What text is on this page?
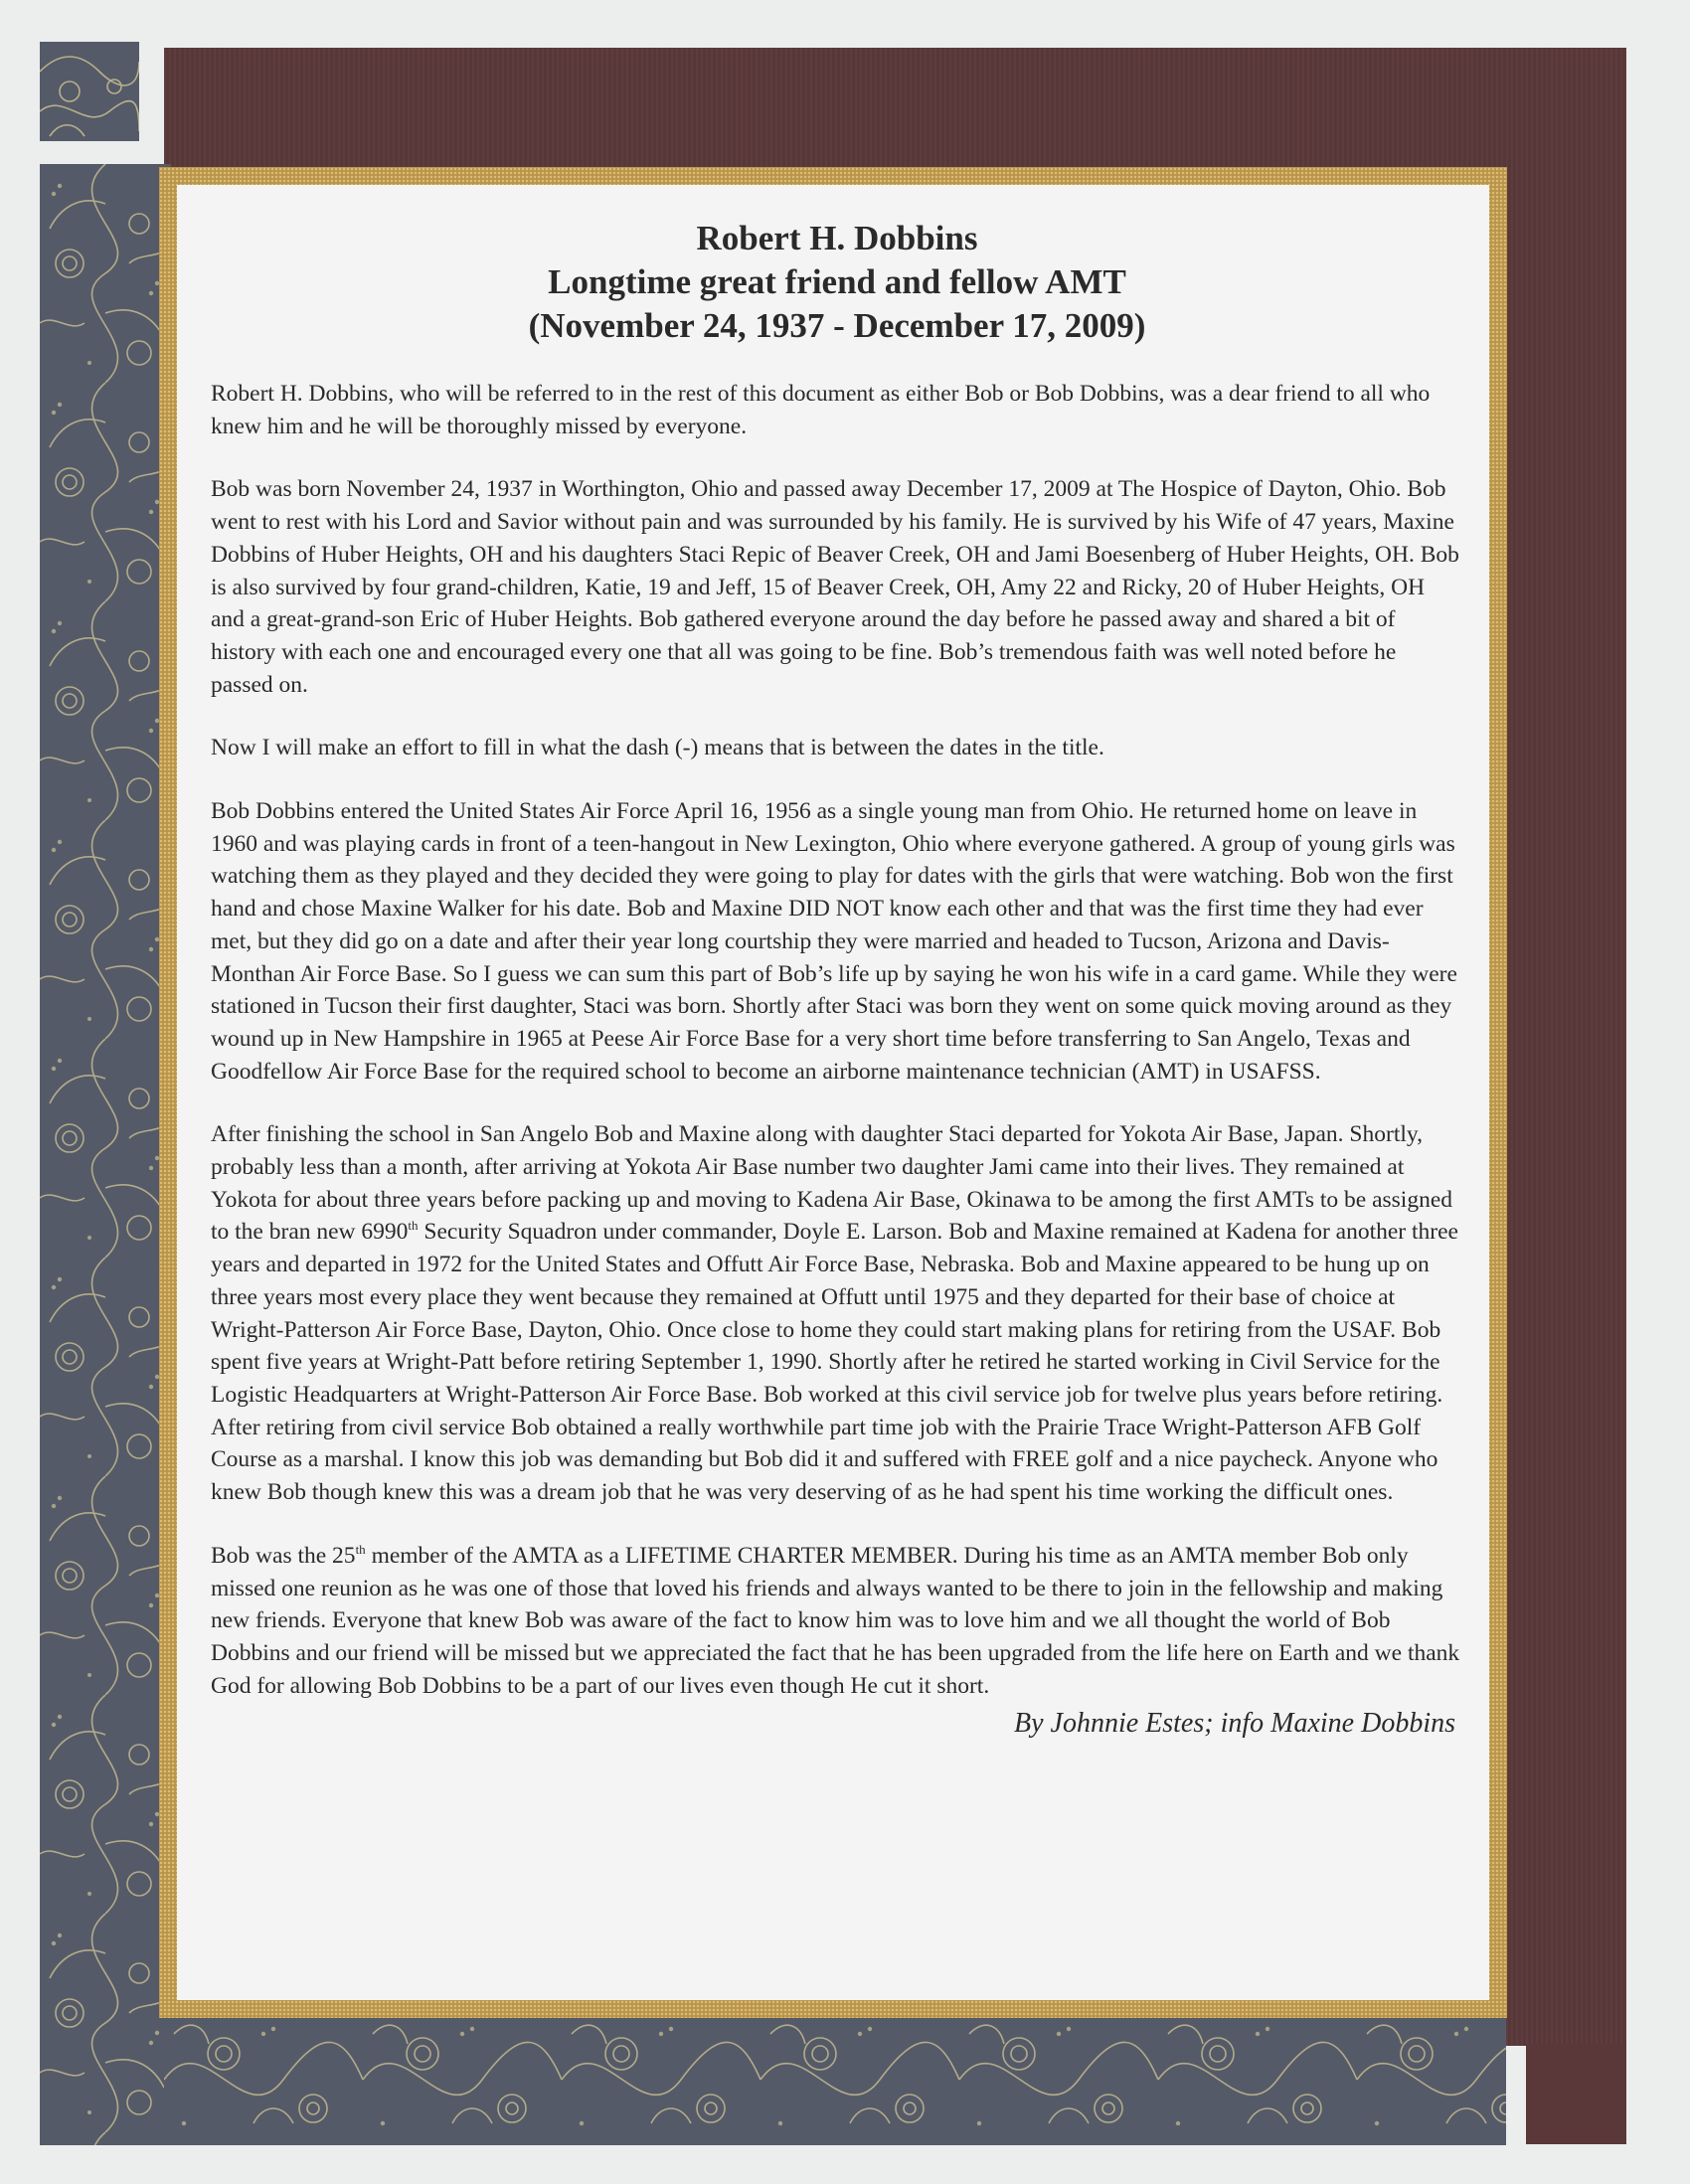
Robert H. Dobbins
Longtime great friend and fellow AMT
(November 24, 1937 - December 17, 2009)

Robert H. Dobbins, who will be referred to in the rest of this document as either Bob or Bob Dobbins, was a dear friend to all who knew him and he will be thoroughly missed by everyone.

Bob was born November 24, 1937 in Worthington, Ohio and passed away December 17, 2009 at The Hospice of Dayton, Ohio. Bob went to rest with his Lord and Savior without pain and was surrounded by his family. He is survived by his Wife of 47 years, Maxine Dobbins of Huber Heights, OH and his daughters Staci Repic of Beaver Creek, OH and Jami Boesenberg of Huber Heights, OH. Bob is also survived by four grand-children, Katie, 19 and Jeff, 15 of Beaver Creek, OH, Amy 22 and Ricky, 20 of Huber Heights, OH and a great-grand-son Eric of Huber Heights. Bob gathered everyone around the day before he passed away and shared a bit of history with each one and encouraged every one that all was going to be fine. Bob’s tremendous faith was well noted before he passed on.

Now I will make an effort to fill in what the dash (-) means that is between the dates in the title.

Bob Dobbins entered the United States Air Force April 16, 1956 as a single young man from Ohio. He returned home on leave in 1960 and was playing cards in front of a teen-hangout in New Lexington, Ohio where everyone gathered. A group of young girls was watching them as they played and they decided they were going to play for dates with the girls that were watching. Bob won the first hand and chose Maxine Walker for his date. Bob and Maxine DID NOT know each other and that was the first time they had ever met, but they did go on a date and after their year long courtship they were married and headed to Tucson, Arizona and Davis-Monthan Air Force Base. So I guess we can sum this part of Bob’s life up by saying he won his wife in a card game. While they were stationed in Tucson their first daughter, Staci was born. Shortly after Staci was born they went on some quick moving around as they wound up in New Hampshire in 1965 at Peese Air Force Base for a very short time before transferring to San Angelo, Texas and Goodfellow Air Force Base for the required school to become an airborne maintenance technician (AMT) in USAFSS.

After finishing the school in San Angelo Bob and Maxine along with daughter Staci departed for Yokota Air Base, Japan. Shortly, probably less than a month, after arriving at Yokota Air Base number two daughter Jami came into their lives. They remained at Yokota for about three years before packing up and moving to Kadena Air Base, Okinawa to be among the first AMTs to be assigned to the bran new 6990th Security Squadron under commander, Doyle E. Larson. Bob and Maxine remained at Kadena for another three years and departed in 1972 for the United States and Offutt Air Force Base, Nebraska. Bob and Maxine appeared to be hung up on three years most every place they went because they remained at Offutt until 1975 and they departed for their base of choice at Wright-Patterson Air Force Base, Dayton, Ohio. Once close to home they could start making plans for retiring from the USAF. Bob spent five years at Wright-Patt before retiring September 1, 1990. Shortly after he retired he started working in Civil Service for the Logistic Headquarters at Wright-Patterson Air Force Base. Bob worked at this civil service job for twelve plus years before retiring.

After retiring from civil service Bob obtained a really worthwhile part time job with the Prairie Trace Wright-Patterson AFB Golf Course as a marshal. I know this job was demanding but Bob did it and suffered with FREE golf and a nice paycheck. Anyone who knew Bob though knew this was a dream job that he was very deserving of as he had spent his time working the difficult ones.

Bob was the 25th member of the AMTA as a LIFETIME CHARTER MEMBER. During his time as an AMTA member Bob only missed one reunion as he was one of those that loved his friends and always wanted to be there to join in the fellowship and making new friends. Everyone that knew Bob was aware of the fact to know him was to love him and we all thought the world of Bob Dobbins and our friend will be missed but we appreciated the fact that he has been upgraded from the life here on Earth and we thank God for allowing Bob Dobbins to be a part of our lives even though He cut it short.

By Johnnie Estes; info Maxine Dobbins
